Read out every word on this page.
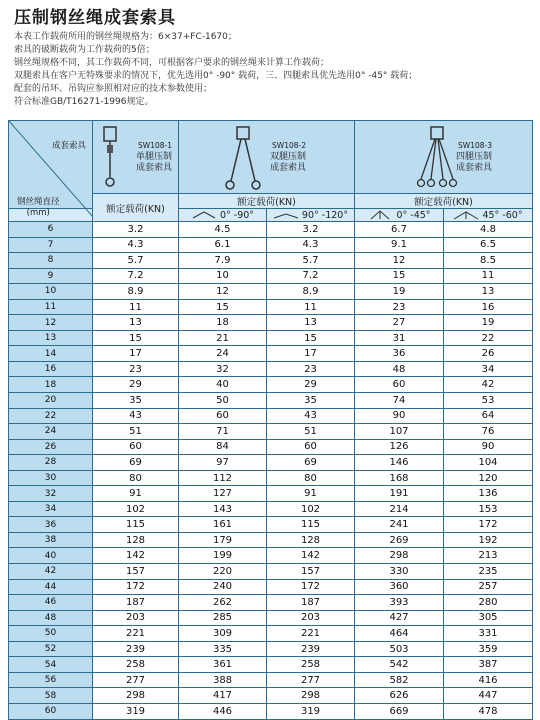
压制钢丝绳成套索具
本表工作载荷所用的钢丝绳规格为：6×37+FC-1670；
索具的破断载荷为工作载荷的5倍；
钢丝绳规格不同，其工作载荷不同，可根据客户要求的钢丝绳来计算工作载荷；
双腿索具在客户无特殊要求的情况下，优先选用0° -90° 载荷，三、四腿索具优先选用0° -45° 载荷；
配套的吊环、吊钩应参照相对应的技术参数使用；
符合标准GB/T16271-1996规定。
成套索具
钢丝绳直径
(mm)	SW108-1
单腿压制
成套索具	SW108-2
双腿压制
成套索具		SW108-3
四腿压制
成套索具	

	额定载荷(KN)	额定载荷(KN)		额定载荷(KN)	
		0° -90°	90° -120°	0° -45°	45° -60°
6	3.2	4.5	3.2	6.7	4.8
7	4.3	6.1	4.3	9.1	6.5
8	5.7	7.9	5.7	12	8.5
9	7.2	10	7.2	15	11
10	8.9	12	8.9	19	13
11	11	15	11	23	16
12	13	18	13	27	19
13	15	21	15	31	22
14	17	24	17	36	26
16	23	32	23	48	34
18	29	40	29	60	42
20	35	50	35	74	53
22	43	60	43	90	64
24	51	71	51	107	76
26	60	84	60	126	90
28	69	97	69	146	104
30	80	112	80	168	120
32	91	127	91	191	136
34	102	143	102	214	153
36	115	161	115	241	172
38	128	179	128	269	192
40	142	199	142	298	213
42	157	220	157	330	235
44	172	240	172	360	257
46	187	262	187	393	280
48	203	285	203	427	305
50	221	309	221	464	331
52	239	335	239	503	359
54	258	361	258	542	387
56	277	388	277	582	416
58	298	417	298	626	447
60	319	446	319	669	478
